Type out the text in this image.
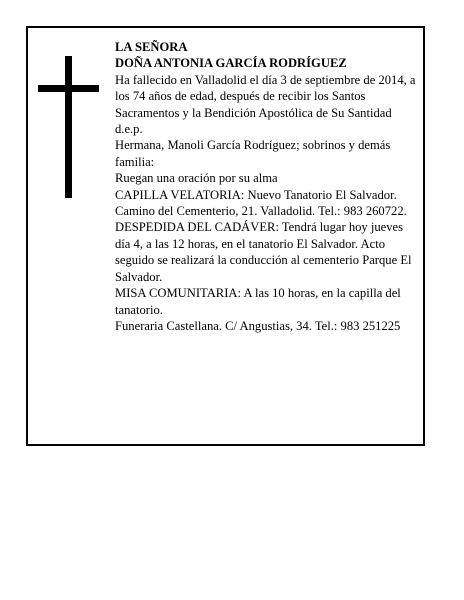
LA SEÑORA

DOÑA ANTONIA GARCÍA RODRÍGUEZ

Ha fallecido en Valladolid el día 3 de septiembre de 2014, a los 74 años de edad, después de recibir los Santos Sacramentos y la Bendición Apostólica de Su Santidad

d.e.p.

Hermana, Manoli García Rodríguez; sobrinos y demás familia:

Ruegan una oración por su alma

CAPILLA VELATORIA: Nuevo Tanatorio El Salvador. Camino del Cementerio, 21. Valladolid. Tel.: 983 260722.

DESPEDIDA DEL CADÁVER: Tendrá lugar hoy jueves día 4, a las 12 horas, en el tanatorio El Salvador. Acto seguido se realizará la conducción al cementerio Parque El Salvador.

MISA COMUNITARIA: A las 10 horas, en la capilla del tanatorio.

Funeraria Castellana. C/ Angustias, 34. Tel.: 983 251225
